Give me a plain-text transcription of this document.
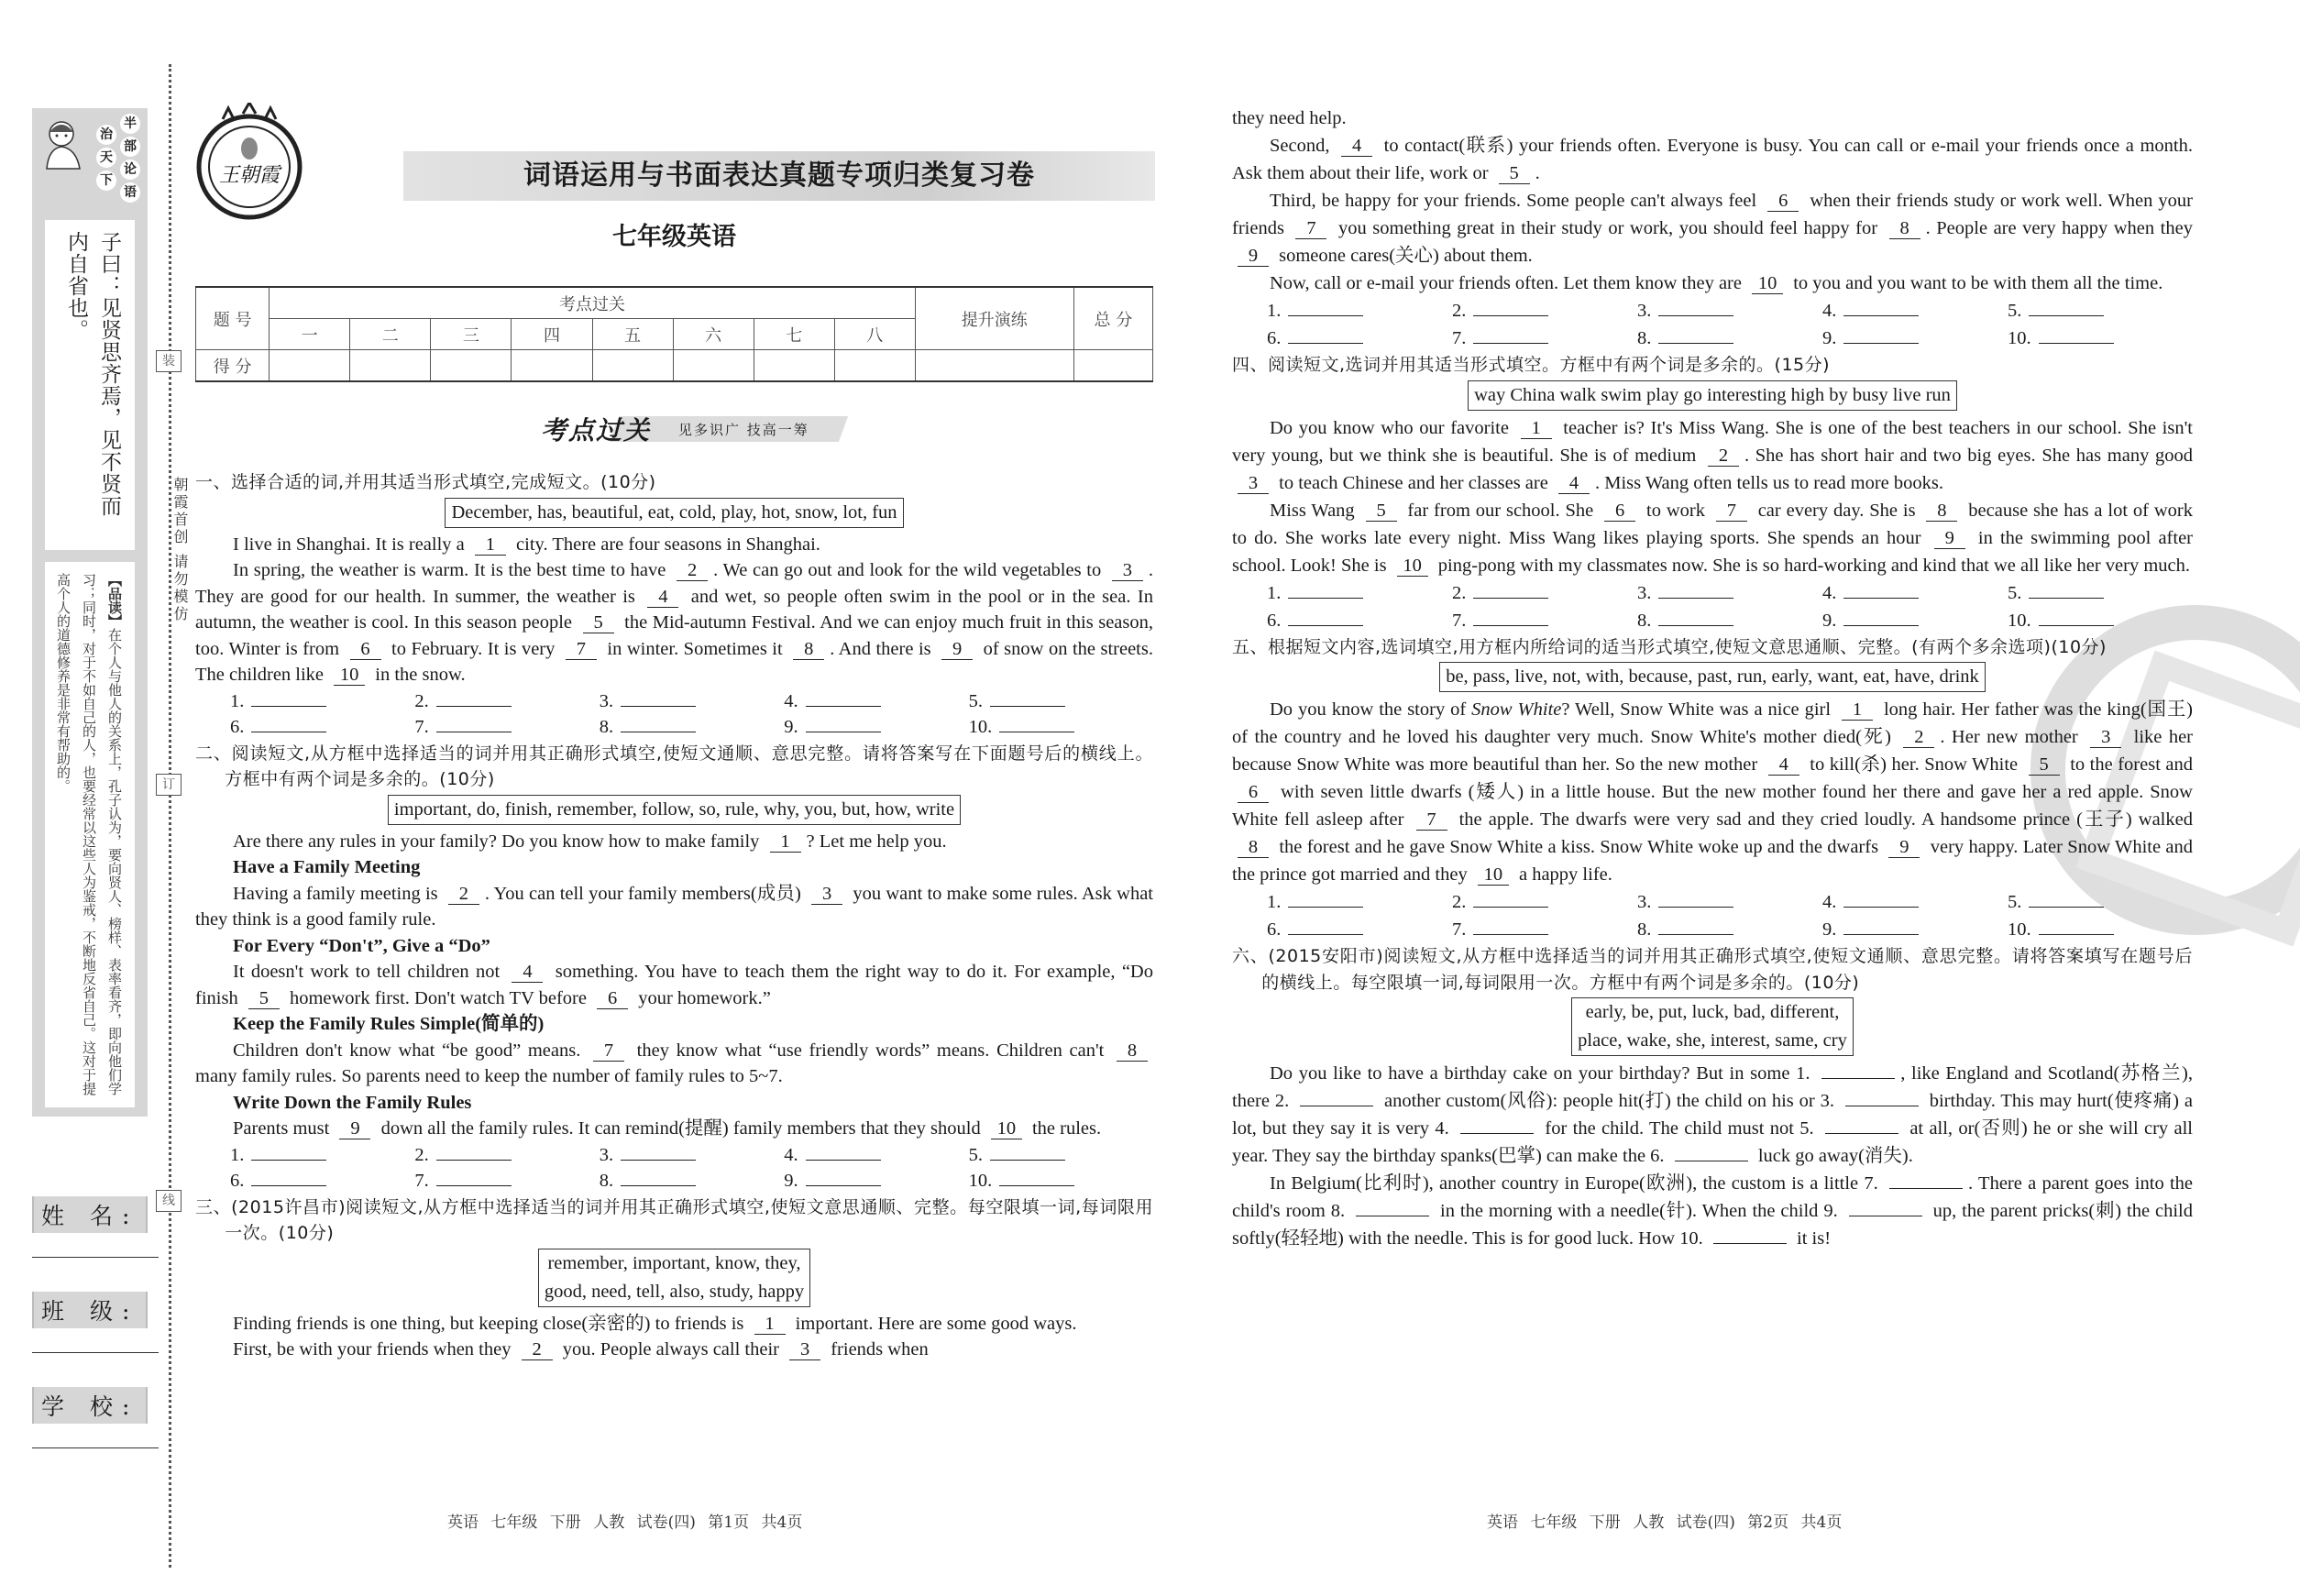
半
部
论
语
治
天
下
子曰：见贤思齐焉，见不贤而内自省也。
【品读】在个人与他人的关系上，孔子认为，要向贤人、榜样、表率看齐，即向他们学习；同时，对于不如自己的人，也要经常以这些人为鉴戒，不断地反省自己。这对于提高个人的道德修养是非常有帮助的。
姓 名:
班 级:
学 校:
装
订
线
朝霞首创 请勿模仿
王朝霞	词语运用与书面表达真题专项归类复习卷
七年级英语
题 号	考点过关								提升演练	总 分
	一	二	三	四	五	六	七	八		
得 分										
考点过关 见多识广 技高一筹

一、选择合适的词,并用其适当形式填空,完成短文。(10分)

December, has, beautiful, eat, cold, play, hot, snow, lot, fun

I live in Shanghai. It is really a 1 city. There are four seasons in Shanghai.

In spring, the weather is warm. It is the best time to have 2 . We can go out and look for the wild vegetables to 3 . They are good for our health. In summer, the weather is 4 and wet, so people often swim in the pool or in the sea. In autumn, the weather is cool. In this season people 5 the Mid-autumn Festival. And we can enjoy much fruit in this season, too. Winter is from 6 to February. It is very 7 in winter. Sometimes it 8 . And there is 9 of snow on the streets. The children like 10 in the snow.

1.	2.	3.	4.	5.
6.	7.	8.	9.	10.

二、阅读短文,从方框中选择适当的词并用其正确形式填空,使短文通顺、意思完整。请将答案写在下面题号后的横线上。方框中有两个词是多余的。(10分)

important, do, finish, remember, follow, so, rule, why, you, but, how, write

Are there any rules in your family? Do you know how to make family 1 ? Let me help you.

Have a Family Meeting

Having a family meeting is 2 . You can tell your family members(成员) 3 you want to make some rules. Ask what they think is a good family rule.

For Every “Don't”, Give a “Do”

It doesn't work to tell children not 4 something. You have to teach them the right way to do it. For example, “Do finish 5 homework first. Don't watch TV before 6 your homework.”

Keep the Family Rules Simple(简单的)

Children don't know what “be good” means. 7 they know what “use friendly words” means. Children can't 8 many family rules. So parents need to keep the number of family rules to 5~7.

Write Down the Family Rules

Parents must 9 down all the family rules. It can remind(提醒) family members that they should 10 the rules.

1.	2.	3.	4.	5.
6.	7.	8.	9.	10.

三、(2015许昌市)阅读短文,从方框中选择适当的词并用其正确形式填空,使短文意思通顺、完整。每空限填一词,每词限用一次。(10分)

remember, important, know, they,
good, need, tell, also, study, happy

Finding friends is one thing, but keeping close(亲密的) to friends is 1 important. Here are some good ways.

First, be with your friends when they 2 you. People always call their 3 friends when

they need help.

Second, 4 to contact(联系) your friends often. Everyone is busy. You can call or e-mail your friends once a month. Ask them about their life, work or 5 .

Third, be happy for your friends. Some people can't always feel 6 when their friends study or work well. When your friends 7 you something great in their study or work, you should feel happy for 8 . People are very happy when they 9 someone cares(关心) about them.

Now, call or e-mail your friends often. Let them know they are 10 to you and you want to be with them all the time.

1.	2.	3.	4.	5.
6.	7.	8.	9.	10.

四、阅读短文,选词并用其适当形式填空。方框中有两个词是多余的。(15分)

way China walk swim play go interesting high by busy live run

Do you know who our favorite 1 teacher is? It's Miss Wang. She is one of the best teachers in our school. She isn't very young, but we think she is beautiful. She is of medium 2 . She has short hair and two big eyes. She has many good 3 to teach Chinese and her classes are 4 . Miss Wang often tells us to read more books.

Miss Wang 5 far from our school. She 6 to work 7 car every day. She is 8 because she has a lot of work to do. She works late every night. Miss Wang likes playing sports. She spends an hour 9 in the swimming pool after school. Look! She is 10 ping-pong with my classmates now. She is so hard-working and kind that we all like her very much.

1.	2.	3.	4.	5.
6.	7.	8.	9.	10.

五、根据短文内容,选词填空,用方框内所给词的适当形式填空,使短文意思通顺、完整。(有两个多余选项)(10分)

be, pass, live, not, with, because, past, run, early, want, eat, have, drink

Do you know the story of Snow White? Well, Snow White was a nice girl 1 long hair. Her father was the king(国王) of the country and he loved his daughter very much. Snow White's mother died(死) 2 . Her new mother 3 like her because Snow White was more beautiful than her. So the new mother 4 to kill(杀) her. Snow White 5 to the forest and 6 with seven little dwarfs (矮人) in a little house. But the new mother found her there and gave her a red apple. Snow White fell asleep after 7 the apple. The dwarfs were very sad and they cried loudly. A handsome prince (王子) walked 8 the forest and he gave Snow White a kiss. Snow White woke up and the dwarfs 9 very happy. Later Snow White and the prince got married and they 10 a happy life.

1.	2.	3.	4.	5.
6.	7.	8.	9.	10.

六、(2015安阳市)阅读短文,从方框中选择适当的词并用其正确形式填空,使短文通顺、意思完整。请将答案填写在题号后的横线上。每空限填一词,每词限用一次。方框中有两个词是多余的。(10分)

early, be, put, luck, bad, different,
place, wake, she, interest, same, cry

Do you like to have a birthday cake on your birthday? But in some 1.	, like England and Scotland(苏格兰), there 2.	another custom(风俗): people hit(打) the child on his or 3.	birthday. This may hurt(使疼痛) a lot, but they say it is very 4.	for the child. The child must not 5.	at all, or(否则) he or she will cry all year. They say the birthday spanks(巴掌) can make the 6.	luck go away(消失).

In Belgium(比利时), another country in Europe(欧洲), the custom is a little 7.	. There a parent goes into the child's room 8.	in the morning with a needle(针). When the child 9.	up, the parent pricks(刺) the child softly(轻轻地) with the needle. This is for good luck. How 10.	it is!

英语 七年级 下册 人教 试卷(四) 第1页 共4页	英语 七年级 下册 人教 试卷(四) 第2页 共4页
